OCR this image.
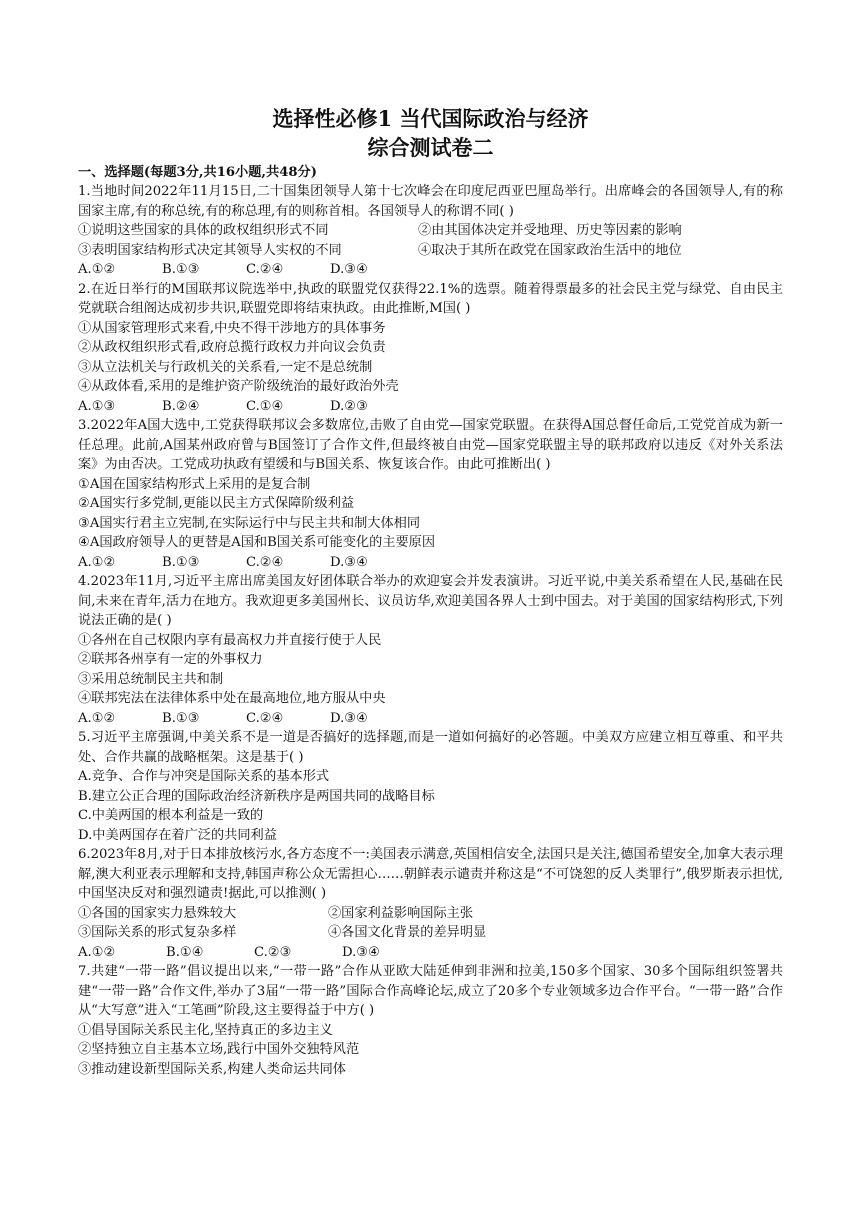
选择性必修1 当代国际政治与经济
综合测试卷二
一、选择题(每题3分,共16小题,共48分)
1.当地时间2022年11月15日,二十国集团领导人第十七次峰会在印度尼西亚巴厘岛举行。出席峰会的各国领导人,有的称国家主席,有的称总统,有的称总理,有的则称首相。各国领导人的称谓不同( )
①说明这些国家的具体的政权组织形式不同	②由其国体决定并受地理、历史等因素的影响
③表明国家结构形式决定其领导人实权的不同	④取决于其所在政党在国家政治生活中的地位
A.①②	B.①③	C.②④	D.③④
2.在近日举行的M国联邦议院选举中,执政的联盟党仅获得22.1%的选票。随着得票最多的社会民主党与绿党、自由民主党就联合组阁达成初步共识,联盟党即将结束执政。由此推断,M国( )
①从国家管理形式来看,中央不得干涉地方的具体事务
②从政权组织形式看,政府总揽行政权力并向议会负责
③从立法机关与行政机关的关系看,一定不是总统制
④从政体看,采用的是维护资产阶级统治的最好政治外壳
A.①③	B.②④	C.①④	D.②③
3.2022年A国大选中,工党获得联邦议会多数席位,击败了自由党—国家党联盟。在获得A国总督任命后,工党党首成为新一任总理。此前,A国某州政府曾与B国签订了合作文件,但最终被自由党—国家党联盟主导的联邦政府以违反《对外关系法案》为由否决。工党成功执政有望缓和与B国关系、恢复该合作。由此可推断出( )
①A国在国家结构形式上采用的是复合制
②A国实行多党制,更能以民主方式保障阶级利益
③A国实行君主立宪制,在实际运行中与民主共和制大体相同
④A国政府领导人的更替是A国和B国关系可能变化的主要原因
A.①②	B.①③	C.②④	D.③④
4.2023年11月,习近平主席出席美国友好团体联合举办的欢迎宴会并发表演讲。习近平说,中美关系希望在人民,基础在民间,未来在青年,活力在地方。我欢迎更多美国州长、议员访华,欢迎美国各界人士到中国去。对于美国的国家结构形式,下列说法正确的是( )
①各州在自己权限内享有最高权力并直接行使于人民
②联邦各州享有一定的外事权力
③采用总统制民主共和制
④联邦宪法在法律体系中处在最高地位,地方服从中央
A.①②	B.①③	C.②④	D.③④
5.习近平主席强调,中美关系不是一道是否搞好的选择题,而是一道如何搞好的必答题。中美双方应建立相互尊重、和平共处、合作共赢的战略框架。这是基于( )
A.竞争、合作与冲突是国际关系的基本形式
B.建立公正合理的国际政治经济新秩序是两国共同的战略目标
C.中美两国的根本利益是一致的
D.中美两国存在着广泛的共同利益
6.2023年8月,对于日本排放核污水,各方态度不一:美国表示满意,英国相信安全,法国只是关注,德国希望安全,加拿大表示理解,澳大利亚表示理解和支持,韩国声称公众无需担心……朝鲜表示谴责并称这是“不可饶恕的反人类罪行”,俄罗斯表示担忧,中国坚决反对和强烈谴责!据此,可以推测( )
①各国的国家实力悬殊较大	②国家利益影响国际主张
③国际关系的形式复杂多样	④各国文化背景的差异明显
A.①②	B.①④	C.②③	D.③④
7.共建“一带一路”倡议提出以来,“一带一路”合作从亚欧大陆延伸到非洲和拉美,150多个国家、30多个国际组织签署共建“一带一路”合作文件,举办了3届“一带一路”国际合作高峰论坛,成立了20多个专业领域多边合作平台。“一带一路”合作从“大写意”进入“工笔画”阶段,这主要得益于中方( )
①倡导国际关系民主化,坚持真正的多边主义
②坚持独立自主基本立场,践行中国外交独特风范
③推动建设新型国际关系,构建人类命运共同体
